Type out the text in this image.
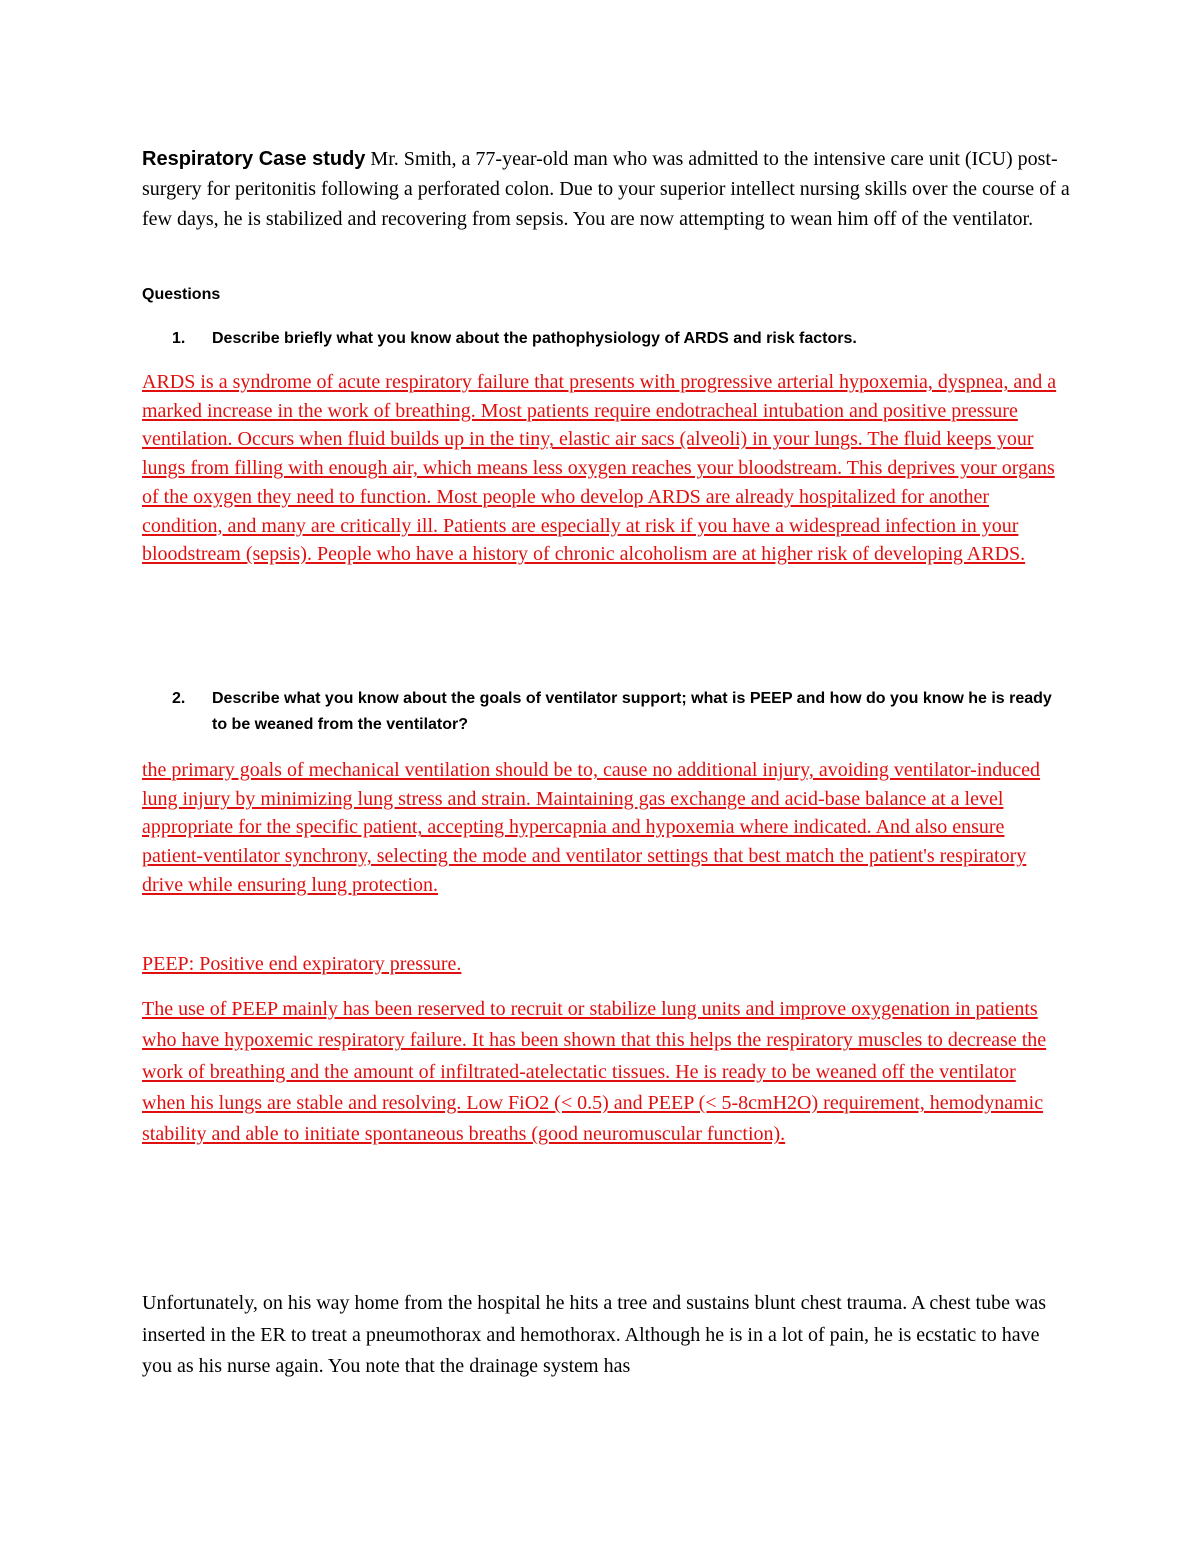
Respiratory Case study Mr. Smith, a 77-year-old man who was admitted to the intensive care unit (ICU) post-surgery for peritonitis following a perforated colon. Due to your superior intellect nursing skills over the course of a few days, he is stabilized and recovering from sepsis. You are now attempting to wean him off of the ventilator.

Questions

1. Describe briefly what you know about the pathophysiology of ARDS and risk factors.

ARDS is a syndrome of acute respiratory failure that presents with progressive arterial hypoxemia, dyspnea, and a marked increase in the work of breathing. Most patients require endotracheal intubation and positive pressure ventilation. Occurs when fluid builds up in the tiny, elastic air sacs (alveoli) in your lungs. The fluid keeps your lungs from filling with enough air, which means less oxygen reaches your bloodstream. This deprives your organs of the oxygen they need to function. Most people who develop ARDS are already hospitalized for another condition, and many are critically ill. Patients are especially at risk if you have a widespread infection in your bloodstream (sepsis). People who have a history of chronic alcoholism are at higher risk of developing ARDS.

2. Describe what you know about the goals of ventilator support; what is PEEP and how do you know he is ready to be weaned from the ventilator?

the primary goals of mechanical ventilation should be to, cause no additional injury, avoiding ventilator-induced lung injury by minimizing lung stress and strain. Maintaining gas exchange and acid-base balance at a level appropriate for the specific patient, accepting hypercapnia and hypoxemia where indicated. And also ensure patient-ventilator synchrony, selecting the mode and ventilator settings that best match the patient's respiratory drive while ensuring lung protection.

PEEP: Positive end expiratory pressure.

The use of PEEP mainly has been reserved to recruit or stabilize lung units and improve oxygenation in patients who have hypoxemic respiratory failure. It has been shown that this helps the respiratory muscles to decrease the work of breathing and the amount of infiltrated-atelectatic tissues. He is ready to be weaned off the ventilator when his lungs are stable and resolving. Low FiO2 (< 0.5) and PEEP (< 5-8cmH2O) requirement, hemodynamic stability and able to initiate spontaneous breaths (good neuromuscular function).

Unfortunately, on his way home from the hospital he hits a tree and sustains blunt chest trauma. A chest tube was inserted in the ER to treat a pneumothorax and hemothorax. Although he is in a lot of pain, he is ecstatic to have you as his nurse again. You note that the drainage system has
